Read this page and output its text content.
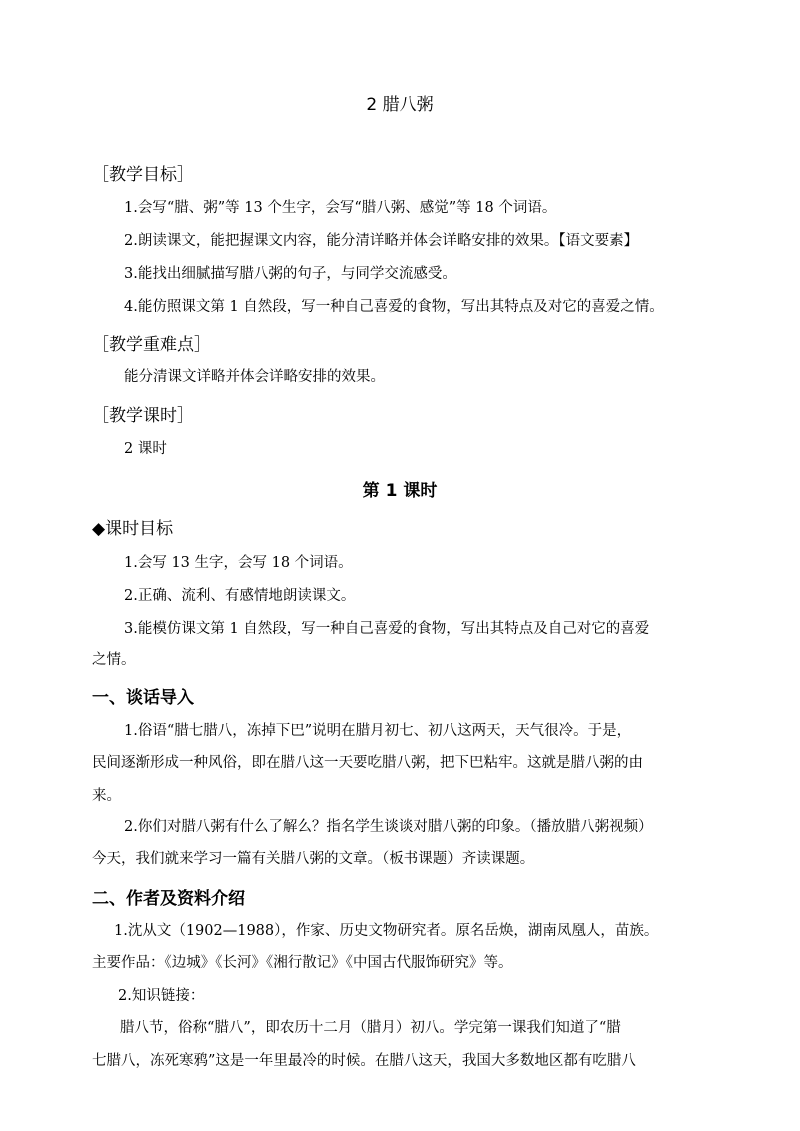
2 腊八粥
［教学目标］
1.会写“腊、粥”等 13 个生字，会写“腊八粥、感觉”等 18 个词语。
2.朗读课文，能把握课文内容，能分清详略并体会详略安排的效果。【语文要素】
3.能找出细腻描写腊八粥的句子，与同学交流感受。
4.能仿照课文第 1 自然段，写一种自己喜爱的食物，写出其特点及对它的喜爱之情。
［教学重难点］
能分清课文详略并体会详略安排的效果。
［教学课时］
2 课时
第 1 课时
◆课时目标
1.会写 13 生字，会写 18 个词语。
2.正确、流利、有感情地朗读课文。
3.能模仿课文第 1 自然段，写一种自己喜爱的食物，写出其特点及自己对它的喜爱
之情。
一、谈话导入
1.俗语“腊七腊八，冻掉下巴”说明在腊月初七、初八这两天，天气很冷。于是，
民间逐渐形成一种风俗，即在腊八这一天要吃腊八粥，把下巴粘牢。这就是腊八粥的由
来。
2.你们对腊八粥有什么了解么？指名学生谈谈对腊八粥的印象。（播放腊八粥视频）
今天，我们就来学习一篇有关腊八粥的文章。（板书课题）齐读课题。
二、作者及资料介绍
1.沈从文（1902—1988），作家、历史文物研究者。原名岳焕，湖南凤凰人，苗族。
主要作品：《边城》《长河》《湘行散记》《中国古代服饰研究》等。
2.知识链接：
腊八节，俗称“腊八”，即农历十二月（腊月）初八。学完第一课我们知道了“腊
七腊八，冻死寒鸦”这是一年里最冷的时候。在腊八这天，我国大多数地区都有吃腊八
